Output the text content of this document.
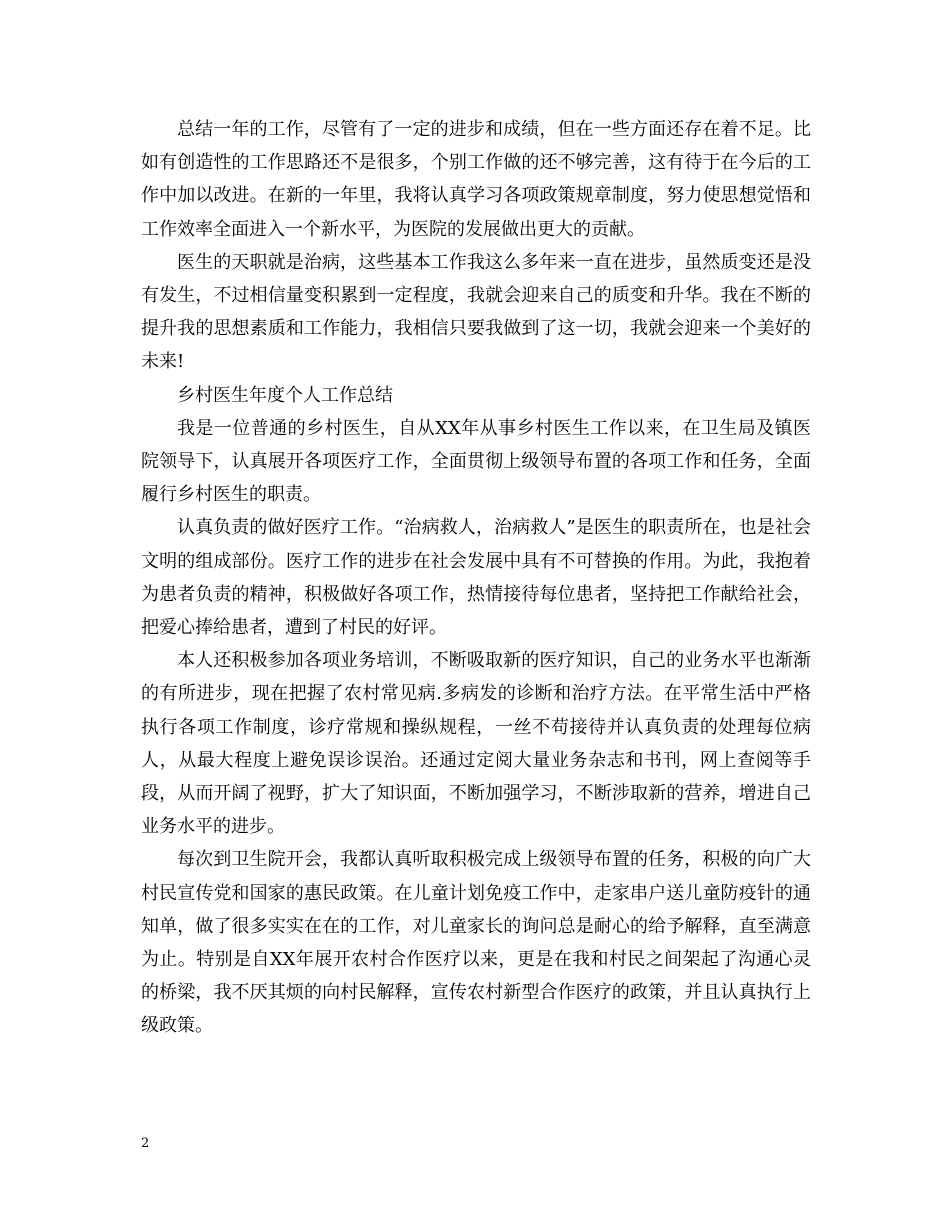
总结一年的工作，尽管有了一定的进步和成绩，但在一些方面还存在着不足。比如有创造性的工作思路还不是很多，个别工作做的还不够完善，这有待于在今后的工作中加以改进。在新的一年里，我将认真学习各项政策规章制度，努力使思想觉悟和工作效率全面进入一个新水平，为医院的发展做出更大的贡献。

医生的天职就是治病，这些基本工作我这么多年来一直在进步，虽然质变还是没有发生，不过相信量变积累到一定程度，我就会迎来自己的质变和升华。我在不断的提升我的思想素质和工作能力，我相信只要我做到了这一切，我就会迎来一个美好的未来!

乡村医生年度个人工作总结

我是一位普通的乡村医生，自从XX年从事乡村医生工作以来，在卫生局及镇医院领导下，认真展开各项医疗工作，全面贯彻上级领导布置的各项工作和任务，全面履行乡村医生的职责。

认真负责的做好医疗工作。“治病救人，治病救人”是医生的职责所在，也是社会文明的组成部份。医疗工作的进步在社会发展中具有不可替换的作用。为此，我抱着为患者负责的精神，积极做好各项工作，热情接待每位患者，坚持把工作献给社会，把爱心捧给患者，遭到了村民的好评。

本人还积极参加各项业务培训，不断吸取新的医疗知识，自己的业务水平也渐渐的有所进步，现在把握了农村常见病.多病发的诊断和治疗方法。在平常生活中严格执行各项工作制度，诊疗常规和操纵规程，一丝不苟接待并认真负责的处理每位病人，从最大程度上避免误诊误治。还通过定阅大量业务杂志和书刊，网上查阅等手段，从而开阔了视野，扩大了知识面，不断加强学习，不断涉取新的营养，增进自己业务水平的进步。

每次到卫生院开会，我都认真听取积极完成上级领导布置的任务，积极的向广大村民宣传党和国家的惠民政策。在儿童计划免疫工作中，走家串户送儿童防疫针的通知单，做了很多实实在在的工作，对儿童家长的询问总是耐心的给予解释，直至满意为止。特别是自XX年展开农村合作医疗以来，更是在我和村民之间架起了沟通心灵的桥梁，我不厌其烦的向村民解释，宣传农村新型合作医疗的政策，并且认真执行上级政策。

2
